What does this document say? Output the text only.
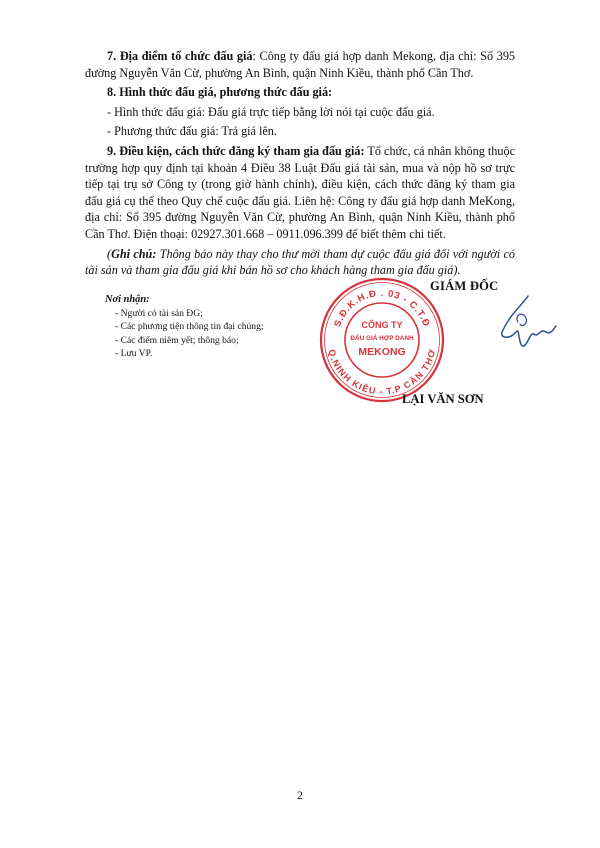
7. Địa điểm tổ chức đấu giá: Công ty đấu giá hợp danh Mekong, địa chỉ: Số 395 đường Nguyễn Văn Cừ, phường An Bình, quận Ninh Kiều, thành phố Cần Thơ.

8. Hình thức đấu giá, phương thức đấu giá:

- Hình thức đấu giá: Đấu giá trực tiếp bằng lời nói tại cuộc đấu giá.

- Phương thức đấu giá: Trả giá lên.

9. Điều kiện, cách thức đăng ký tham gia đấu giá: Tổ chức, cá nhân không thuộc trường hợp quy định tại khoản 4 Điều 38 Luật Đấu giá tài sản, mua và nộp hồ sơ trực tiếp tại trụ sở Công ty (trong giờ hành chính), điều kiện, cách thức đăng ký tham gia đấu giá cụ thể theo Quy chế cuộc đấu giá. Liên hệ: Công ty đấu giá hợp danh MeKong, địa chỉ: Số 395 đường Nguyễn Văn Cừ, phường An Bình, quận Ninh Kiều, thành phố Cần Thơ. Điện thoại: 02927.301.668 – 0911.096.399 để biết thêm chi tiết.

(Ghi chú: Thông báo này thay cho thư mời tham dự cuộc đấu giá đối với người có tài sản và tham gia đấu giá khi bán hồ sơ cho khách hàng tham gia đấu giá).

Nơi nhận:
- Người có tài sản ĐG;
- Các phương tiện thông tin đại chúng;
- Các điểm niêm yết; thông báo;
- Lưu VP.
S.Đ.K.H.Đ . 03 - C.T.Đ
Q.NINH KIỀU - T.P CẦN THƠ
CÔNG TY
ĐẤU GIÁ HỢP DANH
MEKONG
GIÁM ĐỐC
LẠI VĂN SƠN
2
